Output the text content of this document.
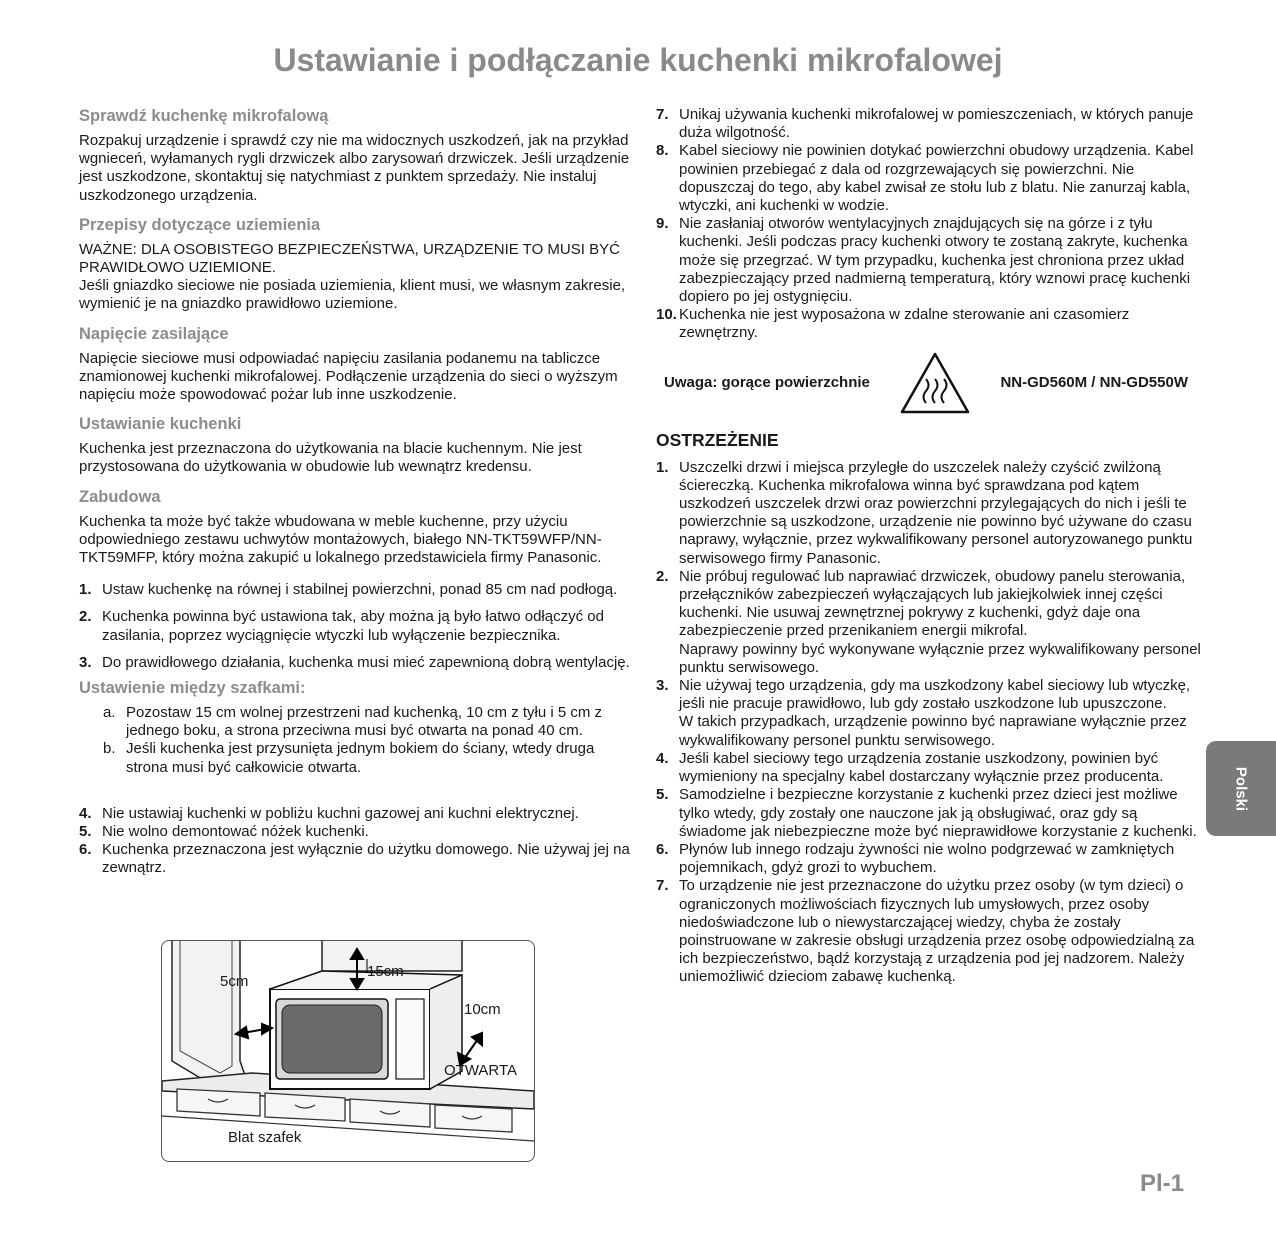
Ustawianie i podłączanie kuchenki mikrofalowej
Sprawdź kuchenkę mikrofalową

Rozpakuj urządzenie i sprawdź czy nie ma widocznych uszkodzeń, jak na przykład wgnieceń, wyłamanych rygli drzwiczek albo zarysowań drzwiczek. Jeśli urządzenie jest uszkodzone, skontaktuj się natychmiast z punktem sprzedaży. Nie instaluj uszkodzonego urządzenia.

Przepisy dotyczące uziemienia

WAŻNE: DLA OSOBISTEGO BEZPIECZEŃSTWA, URZĄDZENIE TO MUSI BYĆ PRAWIDŁOWO UZIEMIONE.

Jeśli gniazdko sieciowe nie posiada uziemienia, klient musi, we własnym zakresie, wymienić je na gniazdko prawidłowo uziemione.

Napięcie zasilające

Napięcie sieciowe musi odpowiadać napięciu zasilania podanemu na tabliczce znamionowej kuchenki mikrofalowej. Podłączenie urządzenia do sieci o wyższym napięciu może spowodować pożar lub inne uszkodzenie.

Ustawianie kuchenki

Kuchenka jest przeznaczona do użytkowania na blacie kuchennym. Nie jest przystosowana do użytkowania w obudowie lub wewnątrz kredensu.

Zabudowa

Kuchenka ta może być także wbudowana w meble kuchenne, przy użyciu odpowiedniego zestawu uchwytów montażowych, białego NN-TKT59WFP/NN-TKT59MFP, który można zakupić u lokalnego przedstawiciela firmy Panasonic.

1. Ustaw kuchenkę na równej i stabilnej powierzchni, ponad 85 cm nad podłogą.
2. Kuchenka powinna być ustawiona tak, aby można ją było łatwo odłączyć od zasilania, poprzez wyciągnięcie wtyczki lub wyłączenie bezpiecznika.
3. Do prawidłowego działania, kuchenka musi mieć zapewnioną dobrą wentylację.
Ustawienie między szafkami:
a. Pozostaw 15 cm wolnej przestrzeni nad kuchenką, 10 cm z tyłu i 5 cm z jednego boku, a strona przeciwna musi być otwarta na ponad 40 cm.
b. Jeśli kuchenka jest przysunięta jednym bokiem do ściany, wtedy druga strona musi być całkowicie otwarta.
4. Nie ustawiaj kuchenki w pobliżu kuchni gazowej ani kuchni elektrycznej.
5. Nie wolno demontować nóżek kuchenki.
6. Kuchenka przeznaczona jest wyłącznie do użytku domowego. Nie używaj jej na zewnątrz.
5cm
15cm
10cm
OTWARTA
Blat szafek
7. Unikaj używania kuchenki mikrofalowej w pomieszczeniach, w których panuje duża wilgotność.
8. Kabel sieciowy nie powinien dotykać powierzchni obudowy urządzenia. Kabel powinien przebiegać z dala od rozgrzewających się powierzchni. Nie dopuszczaj do tego, aby kabel zwisał ze stołu lub z blatu. Nie zanurzaj kabla, wtyczki, ani kuchenki w wodzie.
9. Nie zasłaniaj otworów wentylacyjnych znajdujących się na górze i z tyłu kuchenki. Jeśli podczas pracy kuchenki otwory te zostaną zakryte, kuchenka może się przegrzać. W tym przypadku, kuchenka jest chroniona przez układ zabezpieczający przed nadmierną temperaturą, który wznowi pracę kuchenki dopiero po jej ostygnięciu.
10. Kuchenka nie jest wyposażona w zdalne sterowanie ani czasomierz zewnętrzny.
Uwaga: gorące powierzchnie	NN-GD560M / NN-GD550W
OSTRZEŻENIE
1. Uszczelki drzwi i miejsca przyległe do uszczelek należy czyścić zwilżoną ściereczką. Kuchenka mikrofalowa winna być sprawdzana pod kątem uszkodzeń uszczelek drzwi oraz powierzchni przylegających do nich i jeśli te powierzchnie są uszkodzone, urządzenie nie powinno być używane do czasu naprawy, wyłącznie, przez wykwalifikowany personel autoryzowanego punktu serwisowego firmy Panasonic.
2. Nie próbuj regulować lub naprawiać drzwiczek, obudowy panelu sterowania, przełączników zabezpieczeń wyłączających lub jakiejkolwiek innej części kuchenki. Nie usuwaj zewnętrznej pokrywy z kuchenki, gdyż daje ona zabezpieczenie przed przenikaniem energii mikrofal.
Naprawy powinny być wykonywane wyłącznie przez wykwalifikowany personel punktu serwisowego.
3. Nie używaj tego urządzenia, gdy ma uszkodzony kabel sieciowy lub wtyczkę, jeśli nie pracuje prawidłowo, lub gdy zostało uszkodzone lub upuszczone.
W takich przypadkach, urządzenie powinno być naprawiane wyłącznie przez wykwalifikowany personel punktu serwisowego.
4. Jeśli kabel sieciowy tego urządzenia zostanie uszkodzony, powinien być wymieniony na specjalny kabel dostarczany wyłącznie przez producenta.
5. Samodzielne i bezpieczne korzystanie z kuchenki przez dzieci jest możliwe tylko wtedy, gdy zostały one nauczone jak ją obsługiwać, oraz gdy są świadome jak niebezpieczne może być nieprawidłowe korzystanie z kuchenki.
6. Płynów lub innego rodzaju żywności nie wolno podgrzewać w zamkniętych pojemnikach, gdyż grozi to wybuchem.
7. To urządzenie nie jest przeznaczone do użytku przez osoby (w tym dzieci) o ograniczonych możliwościach fizycznych lub umysłowych, przez osoby niedoświadczone lub o niewystarczającej wiedzy, chyba że zostały poinstruowane w zakresie obsługi urządzenia przez osobę odpowiedzialną za ich bezpieczeństwo, bądź korzystają z urządzenia pod jej nadzorem. Należy uniemożliwić dzieciom zabawę kuchenką.
Polski
Pl-1
